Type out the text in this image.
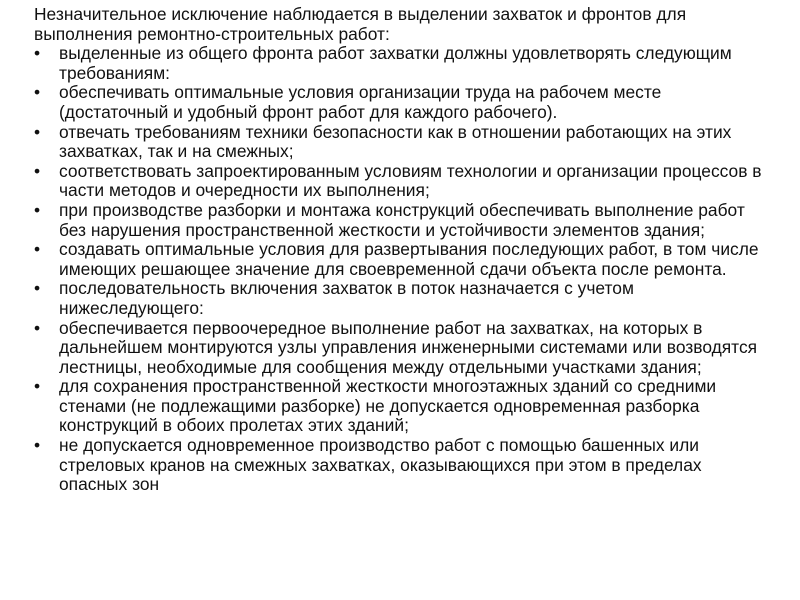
Незначительное исключение наблюдается в выделении захваток и фронтов для выполнения ремонтно-строительных работ:

•	выделенные из общего фронта работ захватки должны удовлетворять следующим требованиям:
•	обеспечивать оптимальные условия организации труда на рабочем месте (достаточный и удобный фронт работ для каждого рабочего).
•	отвечать требованиям техники безопасности как в отношении работающих на этих захватках, так и на смежных;
•	соответствовать запроектированным условиям технологии и организации процессов в части методов и очередности их выполнения;
•	при производстве разборки и монтажа конструкций обеспечивать выполнение работ без нарушения пространственной жесткости и устойчивости элементов здания;
•	создавать оптимальные условия для развертывания последующих работ, в том числе имеющих решающее значение для своевременной сдачи объекта после ремонта.
•	последовательность включения захваток в поток назначается с учетом нижеследующего:
•	обеспечивается первоочередное выполнение работ на захватках, на которых в дальнейшем монтируются узлы управления инженерными системами или возводятся лестницы, необходимые для сообщения между отдельными участками здания;
•	для сохранения пространственной жесткости многоэтажных зданий со средними стенами (не подлежащими разборке) не допускается одновременная разборка конструкций в обоих пролетах этих зданий;
•	не допускается одновременное производство работ с помощью башенных или стреловых кранов на смежных захватках, оказывающихся при этом в пределах опасных зон
